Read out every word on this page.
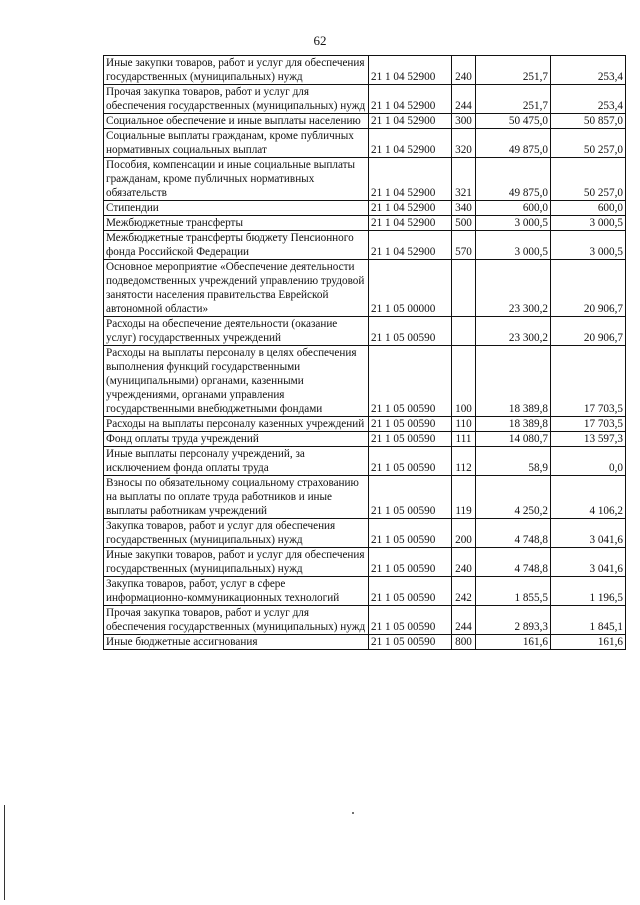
62
Иные закупки товаров, работ и услуг для обеспечения государственных (муниципальных) нужд	21 1 04 52900	240	251,7	253,4
Прочая закупка товаров, работ и услуг для обеспечения государственных (муниципальных) нужд	21 1 04 52900	244	251,7	253,4
Социальное обеспечение и иные выплаты населению	21 1 04 52900	300	50 475,0	50 857,0
Социальные выплаты гражданам, кроме публичных нормативных социальных выплат	21 1 04 52900	320	49 875,0	50 257,0
Пособия, компенсации и иные социальные выплаты гражданам, кроме публичных нормативных обязательств	21 1 04 52900	321	49 875,0	50 257,0
Стипендии	21 1 04 52900	340	600,0	600,0
Межбюджетные трансферты	21 1 04 52900	500	3 000,5	3 000,5
Межбюджетные трансферты бюджету Пенсионного фонда Российской Федерации	21 1 04 52900	570	3 000,5	3 000,5
Основное мероприятие «Обеспечение деятельности подведомственных учреждений управлению трудовой занятости населения правительства Еврейской автономной области»	21 1 05 00000		23 300,2	20 906,7
Расходы на обеспечение деятельности (оказание услуг) государственных учреждений	21 1 05 00590		23 300,2	20 906,7
Расходы на выплаты персоналу в целях обеспечения выполнения функций государственными (муниципальными) органами, казенными учреждениями, органами управления государственными внебюджетными фондами	21 1 05 00590	100	18 389,8	17 703,5
Расходы на выплаты персоналу казенных учреждений	21 1 05 00590	110	18 389,8	17 703,5
Фонд оплаты труда учреждений	21 1 05 00590	111	14 080,7	13 597,3
Иные выплаты персоналу учреждений, за исключением фонда оплаты труда	21 1 05 00590	112	58,9	0,0
Взносы по обязательному социальному страхованию на выплаты по оплате труда работников и иные выплаты работникам учреждений	21 1 05 00590	119	4 250,2	4 106,2
Закупка товаров, работ и услуг для обеспечения государственных (муниципальных) нужд	21 1 05 00590	200	4 748,8	3 041,6
Иные закупки товаров, работ и услуг для обеспечения государственных (муниципальных) нужд	21 1 05 00590	240	4 748,8	3 041,6
Закупка товаров, работ, услуг в сфере информационно-коммуникационных технологий	21 1 05 00590	242	1 855,5	1 196,5
Прочая закупка товаров, работ и услуг для обеспечения государственных (муниципальных) нужд	21 1 05 00590	244	2 893,3	1 845,1
Иные бюджетные ассигнования	21 1 05 00590	800	161,6	161,6
